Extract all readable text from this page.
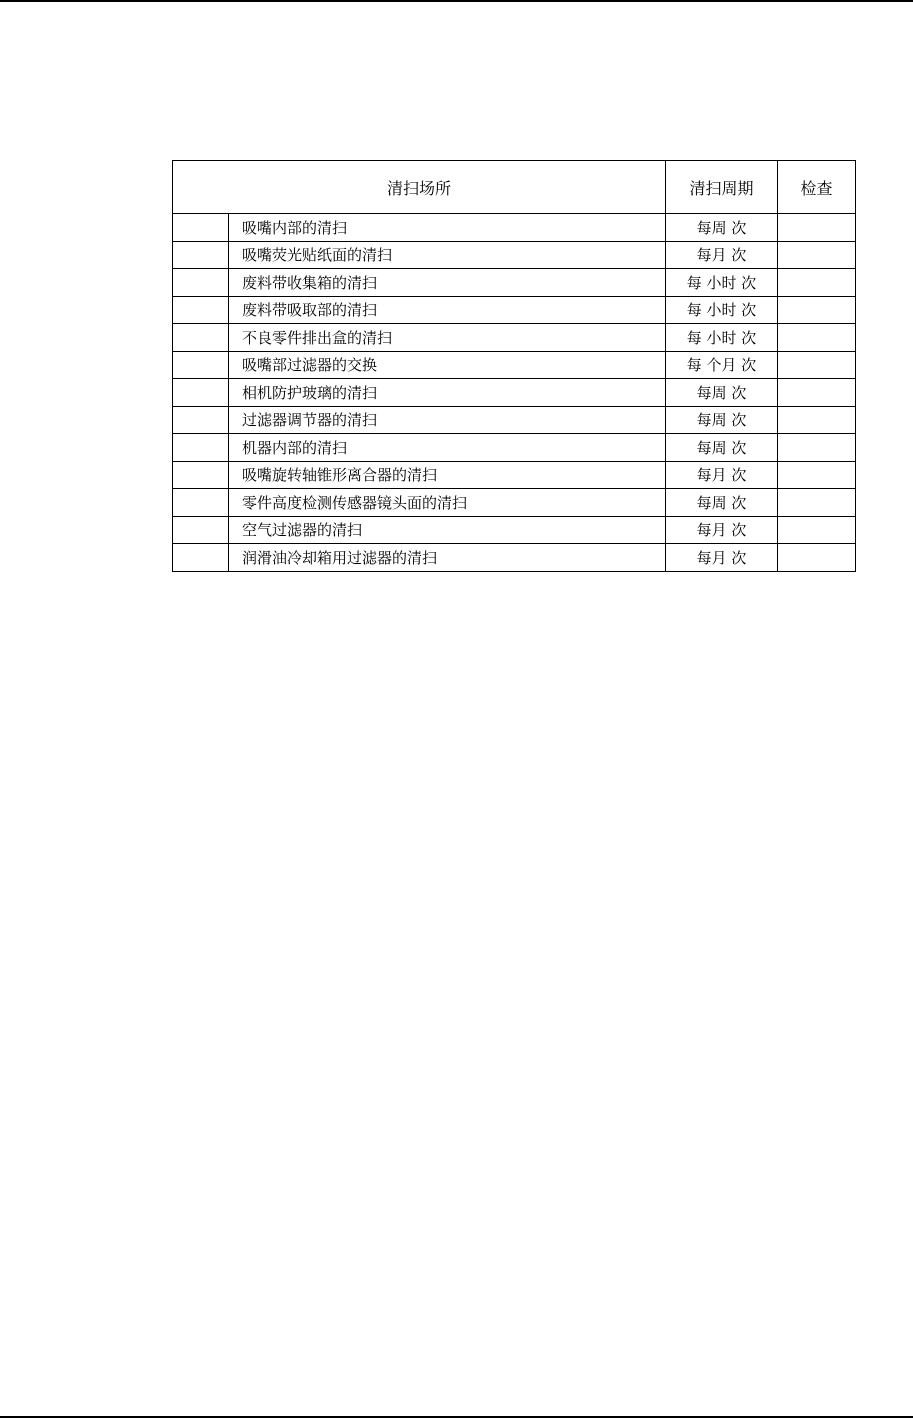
清扫场所		清扫周期	检查
	吸嘴内部的清扫	每周 次	
	吸嘴荧光贴纸面的清扫	每月 次	
	废料带收集箱的清扫	每 小时 次	
	废料带吸取部的清扫	每 小时 次	
	不良零件排出盒的清扫	每 小时 次	
	吸嘴部过滤器的交换	每 个月 次	
	相机防护玻璃的清扫	每周 次	
	过滤器调节器的清扫	每周 次	
	机器内部的清扫	每周 次	
	吸嘴旋转轴锥形离合器的清扫	每月 次	
	零件高度检测传感器镜头面的清扫	每周 次	
	空气过滤器的清扫	每月 次	
	润滑油冷却箱用过滤器的清扫	每月 次	
